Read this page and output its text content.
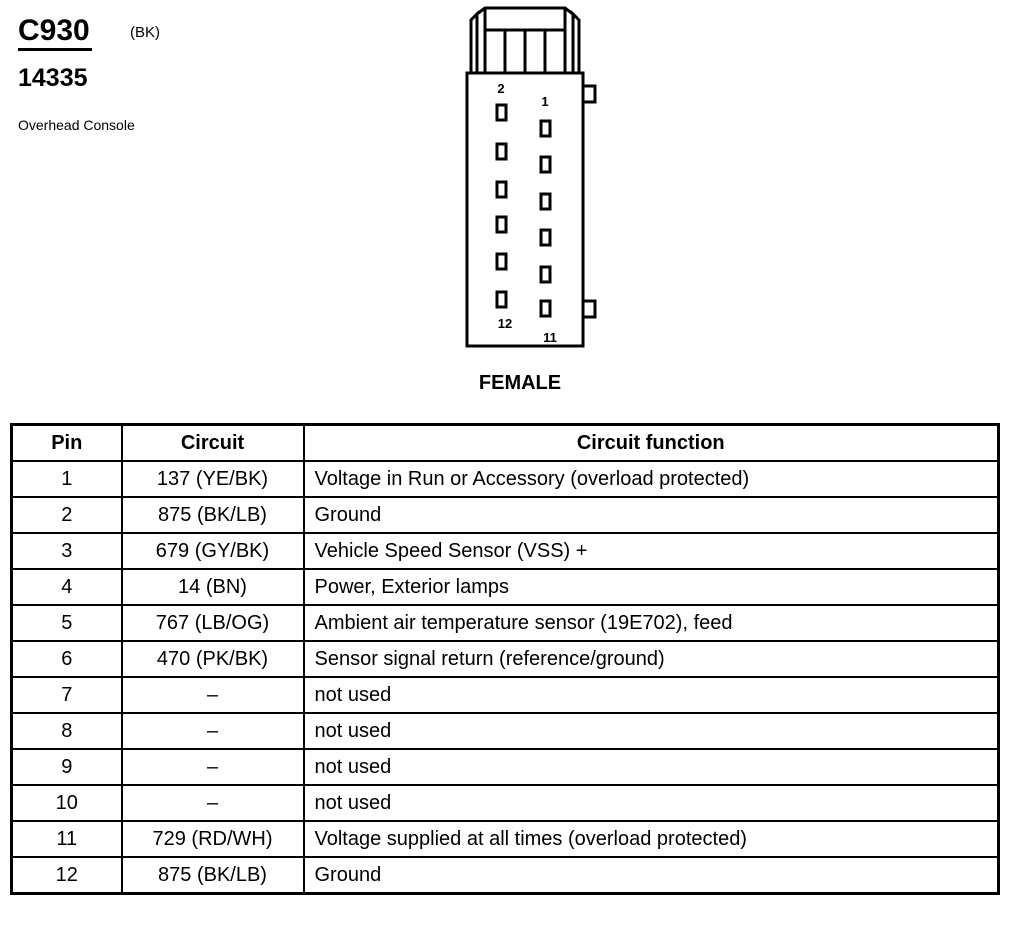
C930	(BK)
14335
Overhead Console
2
1
12
11
FEMALE
Pin	Circuit	Circuit function
1	137 (YE/BK)	Voltage in Run or Accessory (overload protected)
2	875 (BK/LB)	Ground
3	679 (GY/BK)	Vehicle Speed Sensor (VSS) +
4	14 (BN)	Power, Exterior lamps
5	767 (LB/OG)	Ambient air temperature sensor (19E702), feed
6	470 (PK/BK)	Sensor signal return (reference/ground)
7	–	not used
8	–	not used
9	–	not used
10	–	not used
11	729 (RD/WH)	Voltage supplied at all times (overload protected)
12	875 (BK/LB)	Ground
